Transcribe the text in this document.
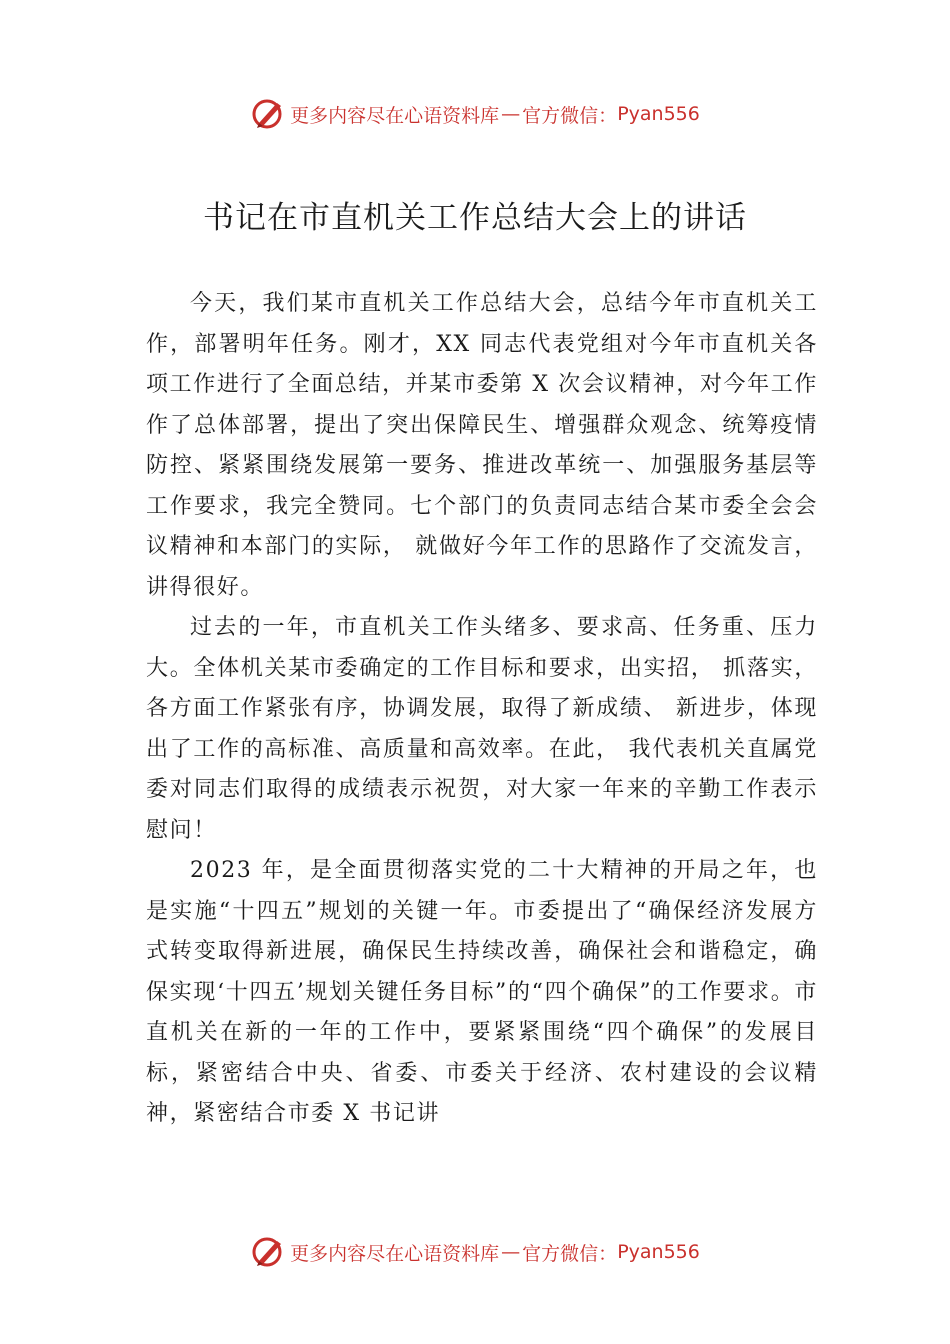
更多内容尽在心语资料库 — 官方微信： Pyan556
书记在市直机关工作总结大会上的讲话

今天，我们某市直机关工作总结大会，总结今年市直机关工作，部署明年任务。刚才，XX 同志代表党组对今年市直机关各项工作进行了全面总结，并某市委第 X 次会议精神，对今年工作作了总体部署，提出了突出保障民生、增强群众观念、统筹疫情防控、紧紧围绕发展第一要务、推进改革统一、加强服务基层等工作要求，我完全赞同。七个部门的负责同志结合某市委全会会议精神和本部门的实际， 就做好今年工作的思路作了交流发言，讲得很好。

过去的一年，市直机关工作头绪多、要求高、任务重、压力大。全体机关某市委确定的工作目标和要求，出实招， 抓落实，各方面工作紧张有序，协调发展，取得了新成绩、 新进步，体现出了工作的高标准、高质量和高效率。在此， 我代表机关直属党委对同志们取得的成绩表示祝贺，对大家一年来的辛勤工作表示慰问！

2023 年，是全面贯彻落实党的二十大精神的开局之年，也是实施“十四五”规划的关键一年。市委提出了“确保经济发展方式转变取得新进展，确保民生持续改善，确保社会和谐稳定，确保实现‘十四五’规划关键任务目标”的“四个确保”的工作要求。市直机关在新的一年的工作中，要紧紧围绕“四个确保”的发展目标，紧密结合中央、省委、市委关于经济、农村建设的会议精神，紧密结合市委 X 书记讲

更多内容尽在心语资料库 — 官方微信： Pyan556
